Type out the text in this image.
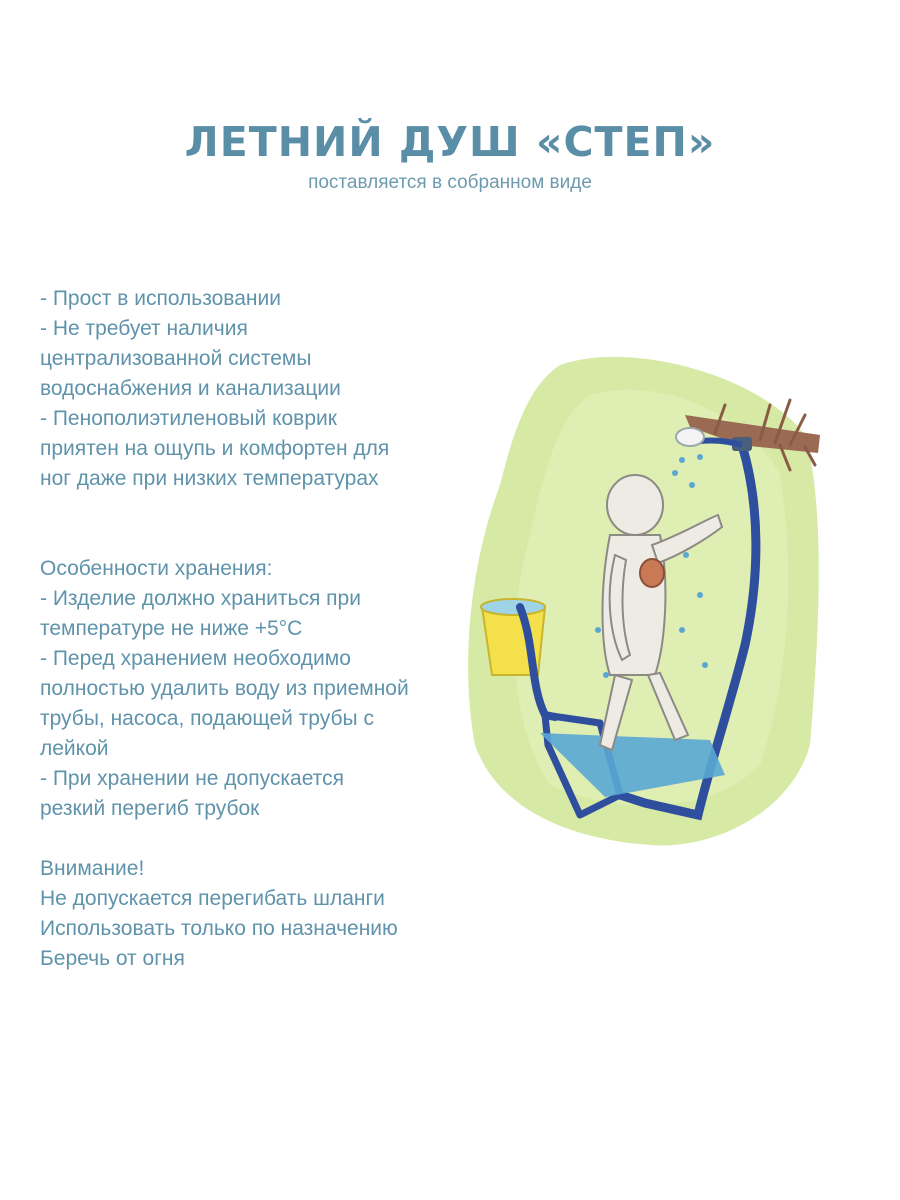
ЛЕТНИЙ ДУШ «СТЕП»

поставляется в собранном виде

- Прост в использовании
- Не требует наличия
централизованной системы
водоснабжения и канализации
- Пенополиэтиленовый коврик
приятен на ощупь и комфортен для
ног даже при низких температурах
Особенности хранения:
- Изделие должно храниться при
температуре не ниже +5°С
- Перед хранением необходимо
полностью удалить воду из приемной
трубы, насоса, подающей трубы с
лейкой
- При хранении не допускается
резкий перегиб трубок
Внимание!
Не допускается перегибать шланги
Использовать только по назначению
Беречь от огня
